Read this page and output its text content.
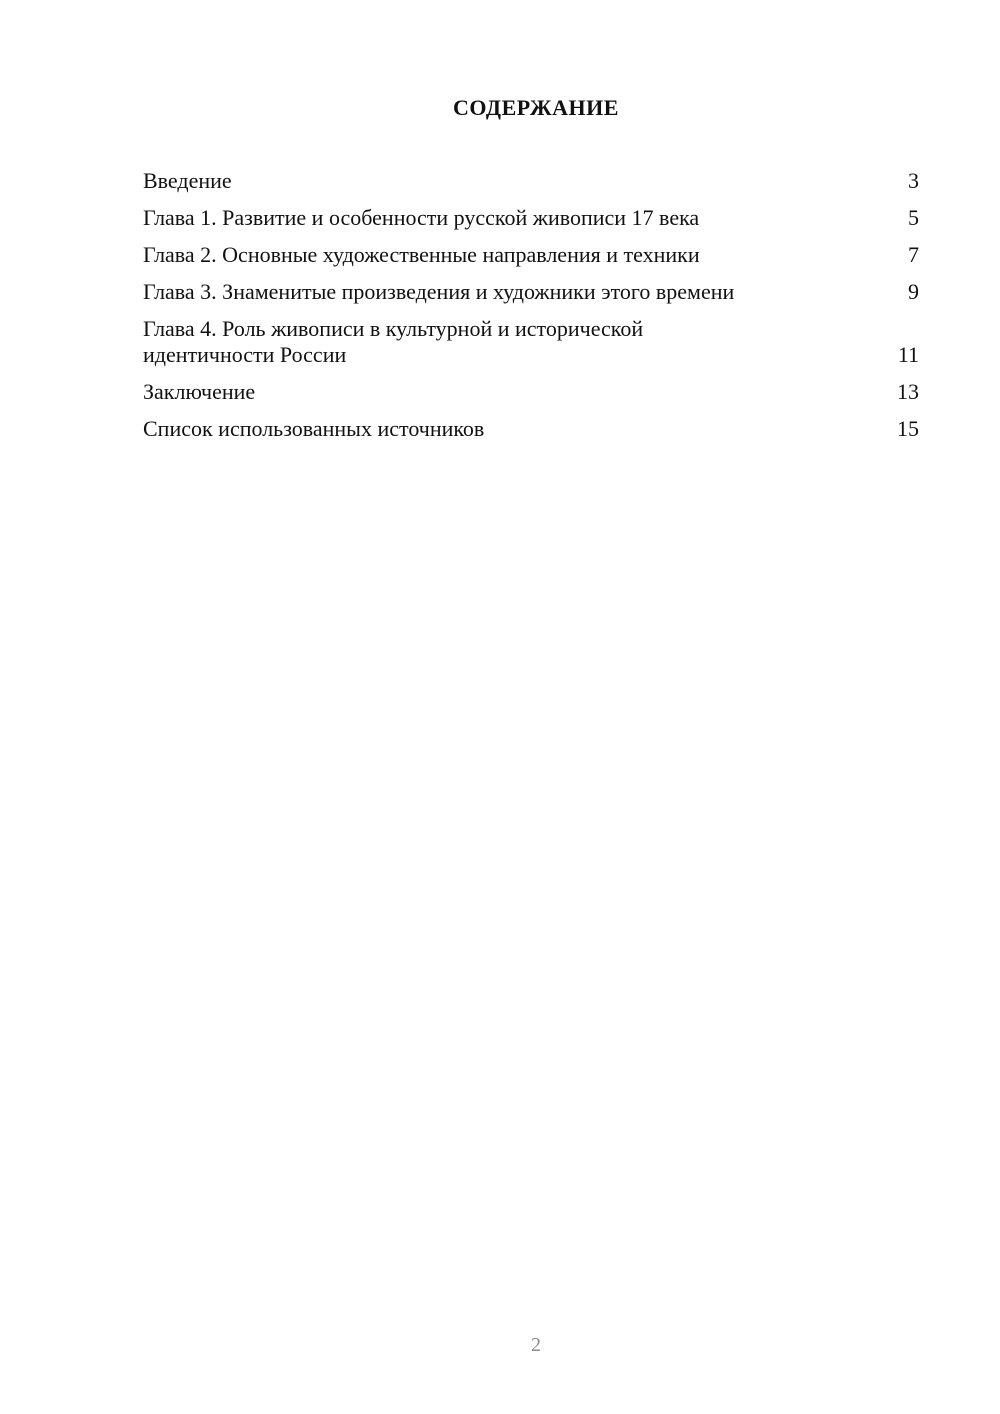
СОДЕРЖАНИЕ
Введение	3
Глава 1. Развитие и особенности русской живописи 17 века	5
Глава 2. Основные художественные направления и техники	7
Глава 3. Знаменитые произведения и художники этого времени	9
Глава 4. Роль живописи в культурной и исторической идентичности России	11
Заключение	13
Список использованных источников	15
2
